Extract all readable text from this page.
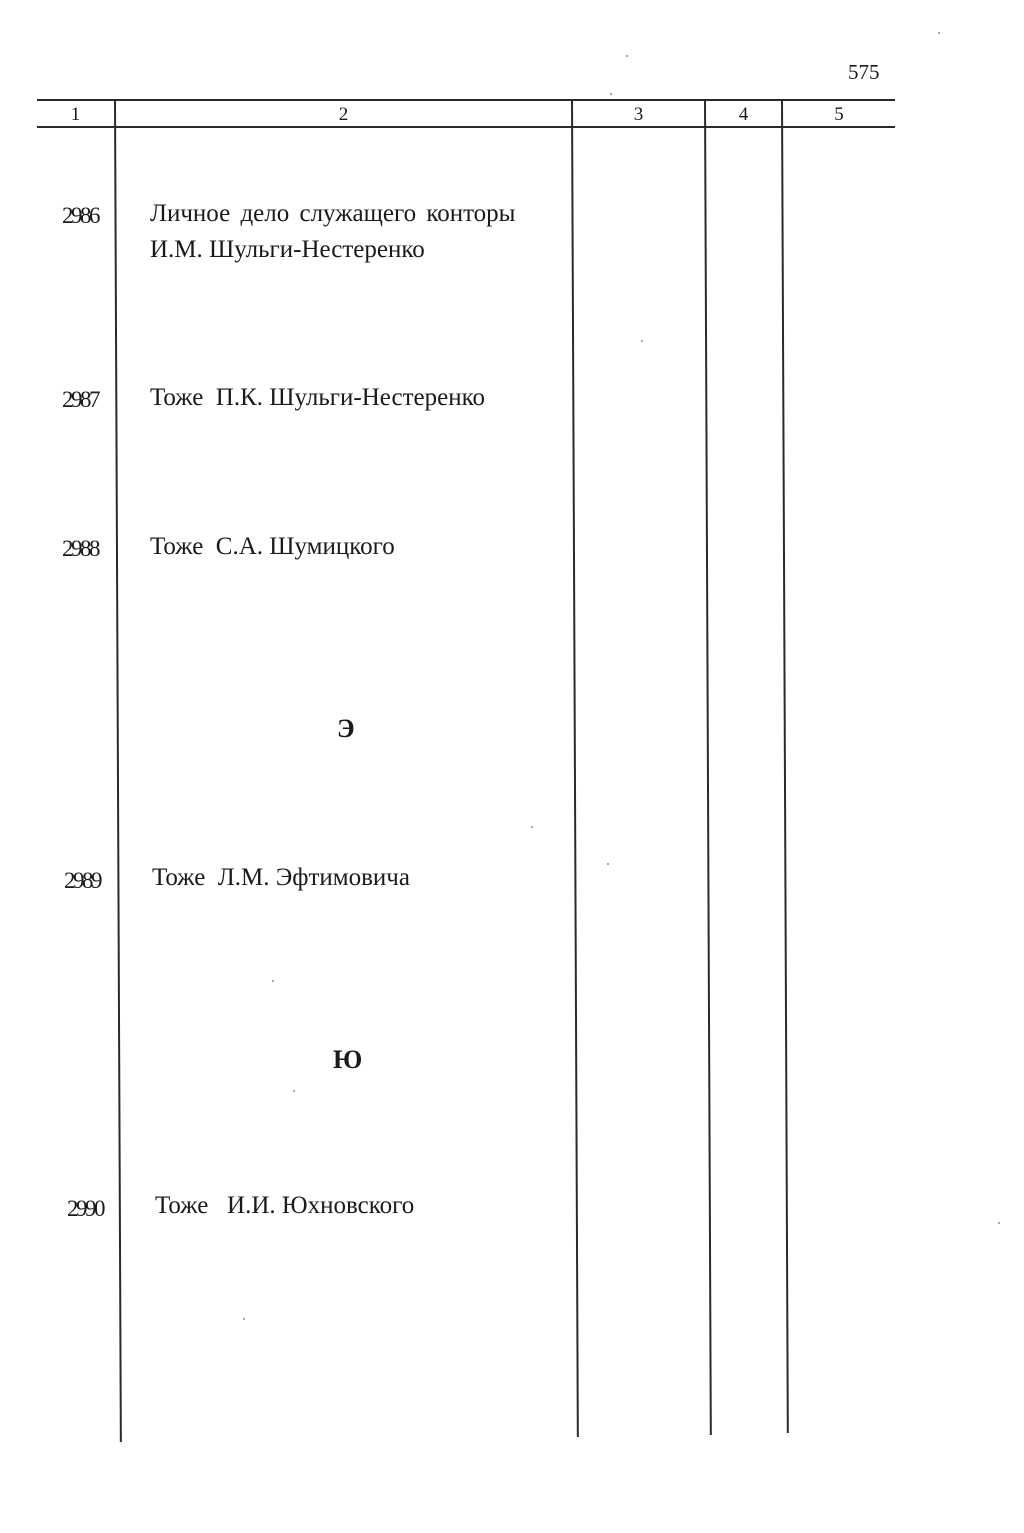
575
1	2	3	4	5
2986 Личное дело служащего конторы
И.М. Шульги-Нестеренко
2987 Тоже  П.К. Шульги-Нестеренко
2988 Тоже  С.А. Шумицкого
Э
2989 Тоже  Л.М. Эфтимовича
Ю
2990 Тоже   И.И. Юхновского
